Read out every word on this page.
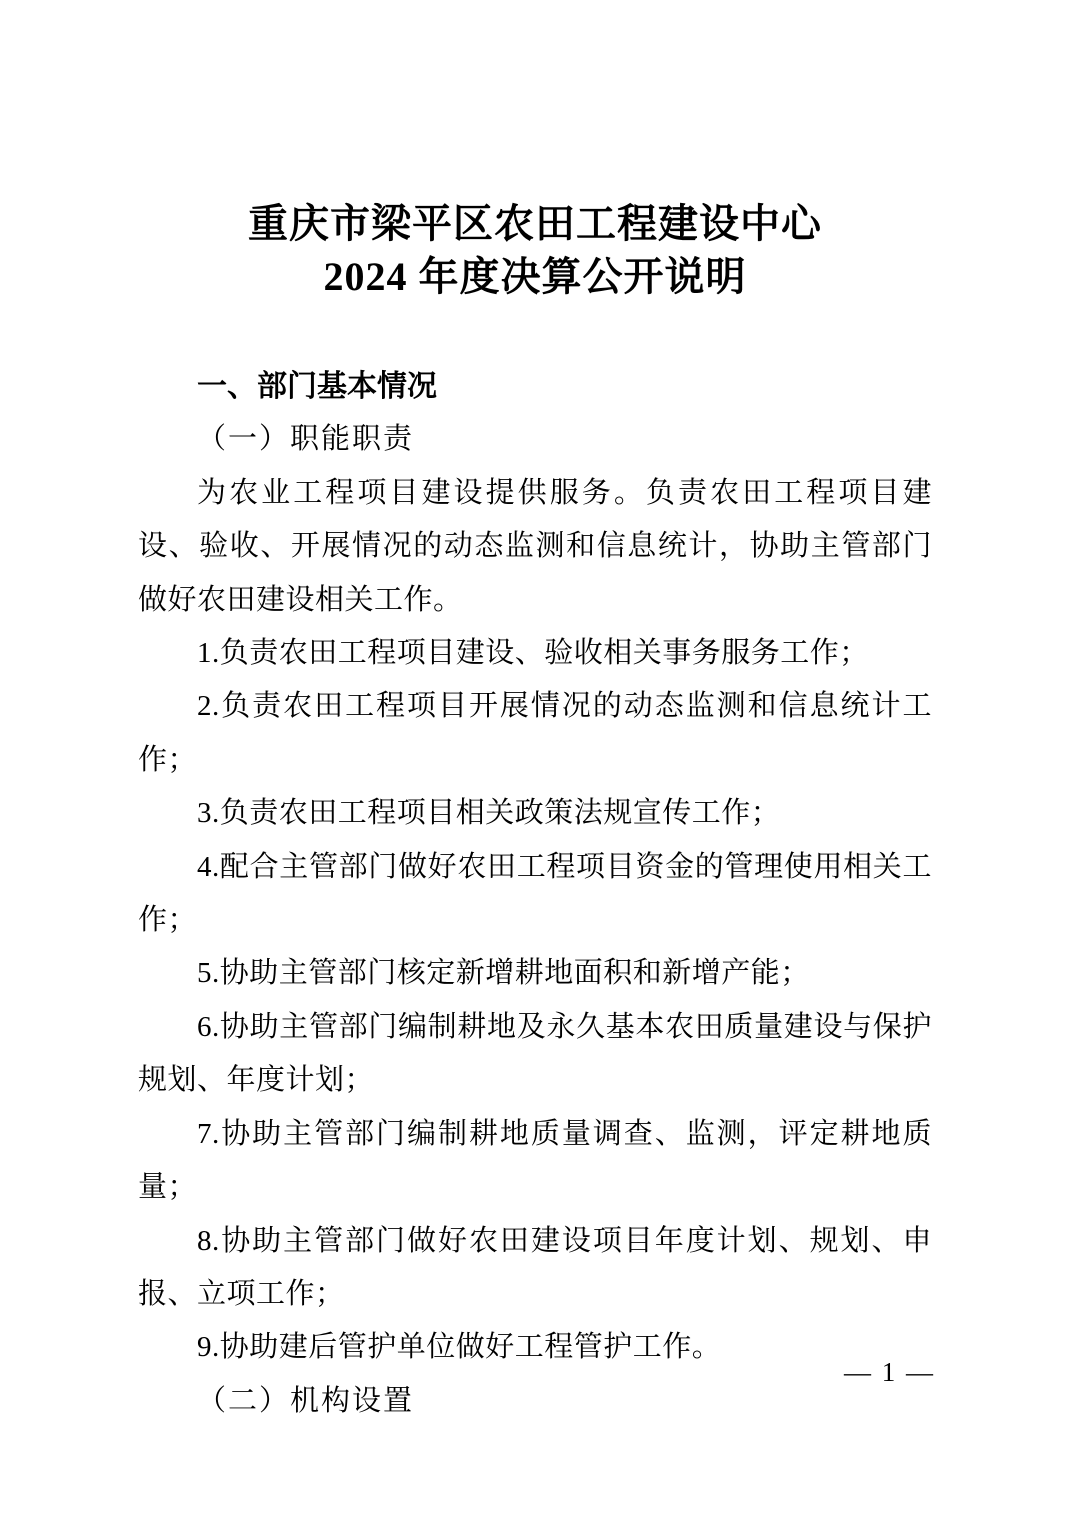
重庆市梁平区农田工程建设中心
2024 年度决算公开说明
一、部门基本情况
（一）职能职责

为农业工程项目建设提供服务。负责农田工程项目建设、验收、开展情况的动态监测和信息统计，协助主管部门做好农田建设相关工作。

1.负责农田工程项目建设、验收相关事务服务工作；

2.负责农田工程项目开展情况的动态监测和信息统计工作；

3.负责农田工程项目相关政策法规宣传工作；

4.配合主管部门做好农田工程项目资金的管理使用相关工作；

5.协助主管部门核定新增耕地面积和新增产能；

6.协助主管部门编制耕地及永久基本农田质量建设与保护规划、年度计划；

7.协助主管部门编制耕地质量调查、监测，评定耕地质量；

8.协助主管部门做好农田建设项目年度计划、规划、申报、立项工作；

9.协助建后管护单位做好工程管护工作。

（二）机构设置
— 1 —
